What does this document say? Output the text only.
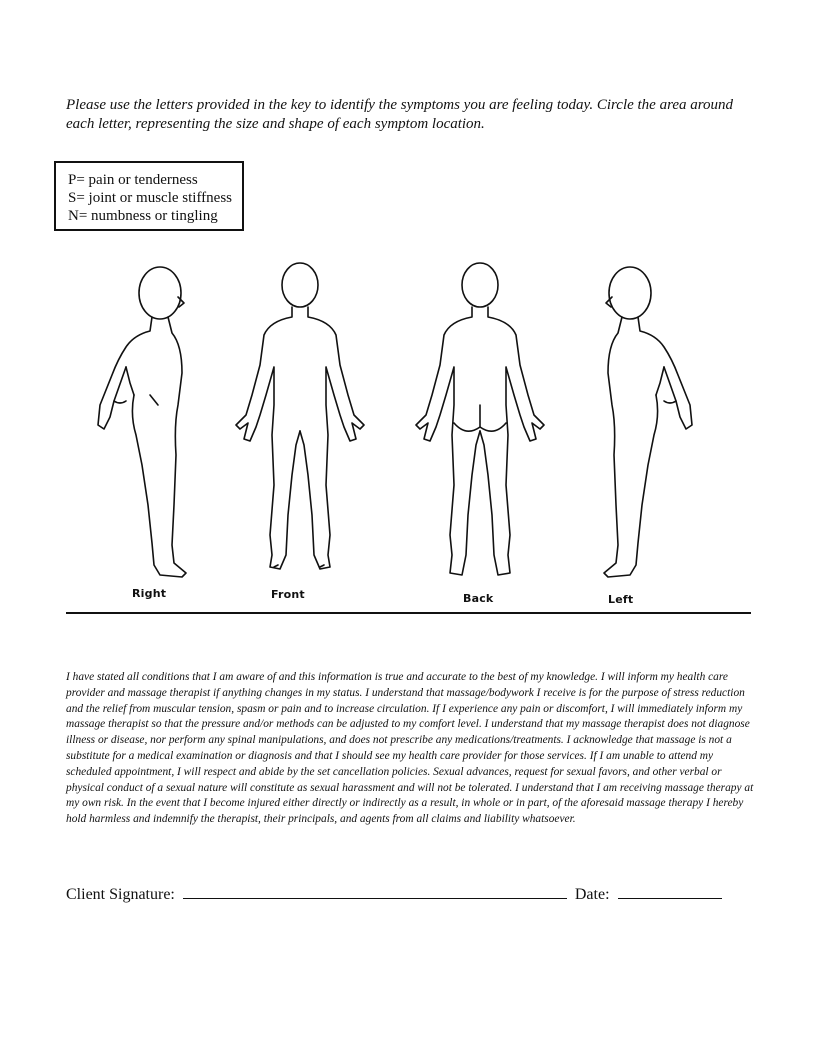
Please use the letters provided in the key to identify the symptoms you are feeling today. Circle the area around each letter, representing the size and shape of each symptom location.

P= pain or tenderness
S= joint or muscle stiffness
N= numbness or tingling
Right	Front	Back	Left

I have stated all conditions that I am aware of and this information is true and accurate to the best of my knowledge. I will inform my health care provider and massage therapist if anything changes in my status. I understand that massage/bodywork I receive is for the purpose of stress reduction and the relief from muscular tension, spasm or pain and to increase circulation. If I experience any pain or discomfort, I will immediately inform my massage therapist so that the pressure and/or methods can be adjusted to my comfort level. I understand that my massage therapist does not diagnose illness or disease, nor perform any spinal manipulations, and does not prescribe any medications/treatments. I acknowledge that massage is not a substitute for a medical examination or diagnosis and that I should see my health care provider for those services. If I am unable to attend my scheduled appointment, I will respect and abide by the set cancellation policies. Sexual advances, request for sexual favors, and other verbal or physical conduct of a sexual nature will constitute as sexual harassment and will not be tolerated. I understand that I am receiving massage therapy at my own risk. In the event that I become injured either directly or indirectly as a result, in whole or in part, of the aforesaid massage therapy I hereby hold harmless and indemnify the therapist, their principals, and agents from all claims and liability whatsoever.

Client Signature:	Date:
